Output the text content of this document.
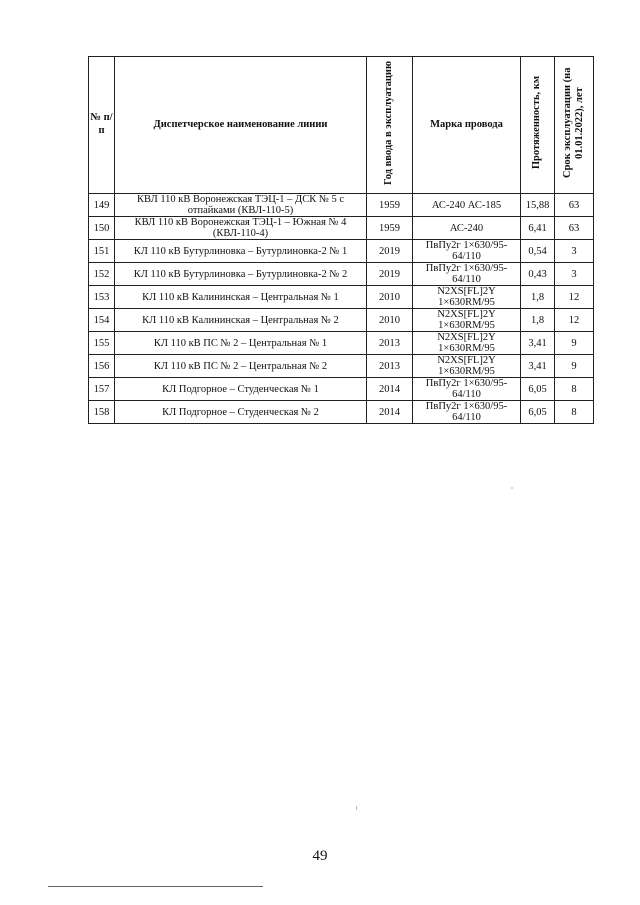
№ п/п	Диспетчерское наименование линии	Год ввода в эксплуатацию	Марка провода	Протяженность, км	Срок эксплуатации (на 01.01.2022), лет
149	КВЛ 110 кВ Воронежская ТЭЦ-1 – ДСК № 5 с отпайками (КВЛ-110-5)	1959	АС-240 АС-185	15,88	63
150	КВЛ 110 кВ Воронежская ТЭЦ-1 – Южная № 4 (КВЛ-110-4)	1959	АС-240	6,41	63
151	КЛ 110 кВ Бутурлиновка – Бутурлиновка-2 № 1	2019	ПвПу2г 1×630/95-64/110	0,54	3
152	КЛ 110 кВ Бутурлиновка – Бутурлиновка-2 № 2	2019	ПвПу2г 1×630/95-64/110	0,43	3
153	КЛ 110 кВ Калининская – Центральная № 1	2010	N2XS[FL]2Y 1×630RM/95	1,8	12
154	КЛ 110 кВ Калининская – Центральная № 2	2010	N2XS[FL]2Y 1×630RM/95	1,8	12
155	КЛ 110 кВ ПС № 2 – Центральная № 1	2013	N2XS[FL]2Y 1×630RM/95	3,41	9
156	КЛ 110 кВ ПС № 2 – Центральная № 2	2013	N2XS[FL]2Y 1×630RM/95	3,41	9
157	КЛ Подгорное – Студенческая № 1	2014	ПвПу2г 1×630/95-64/110	6,05	8
158	КЛ Подгорное – Студенческая № 2	2014	ПвПу2г 1×630/95-64/110	6,05	8
49
